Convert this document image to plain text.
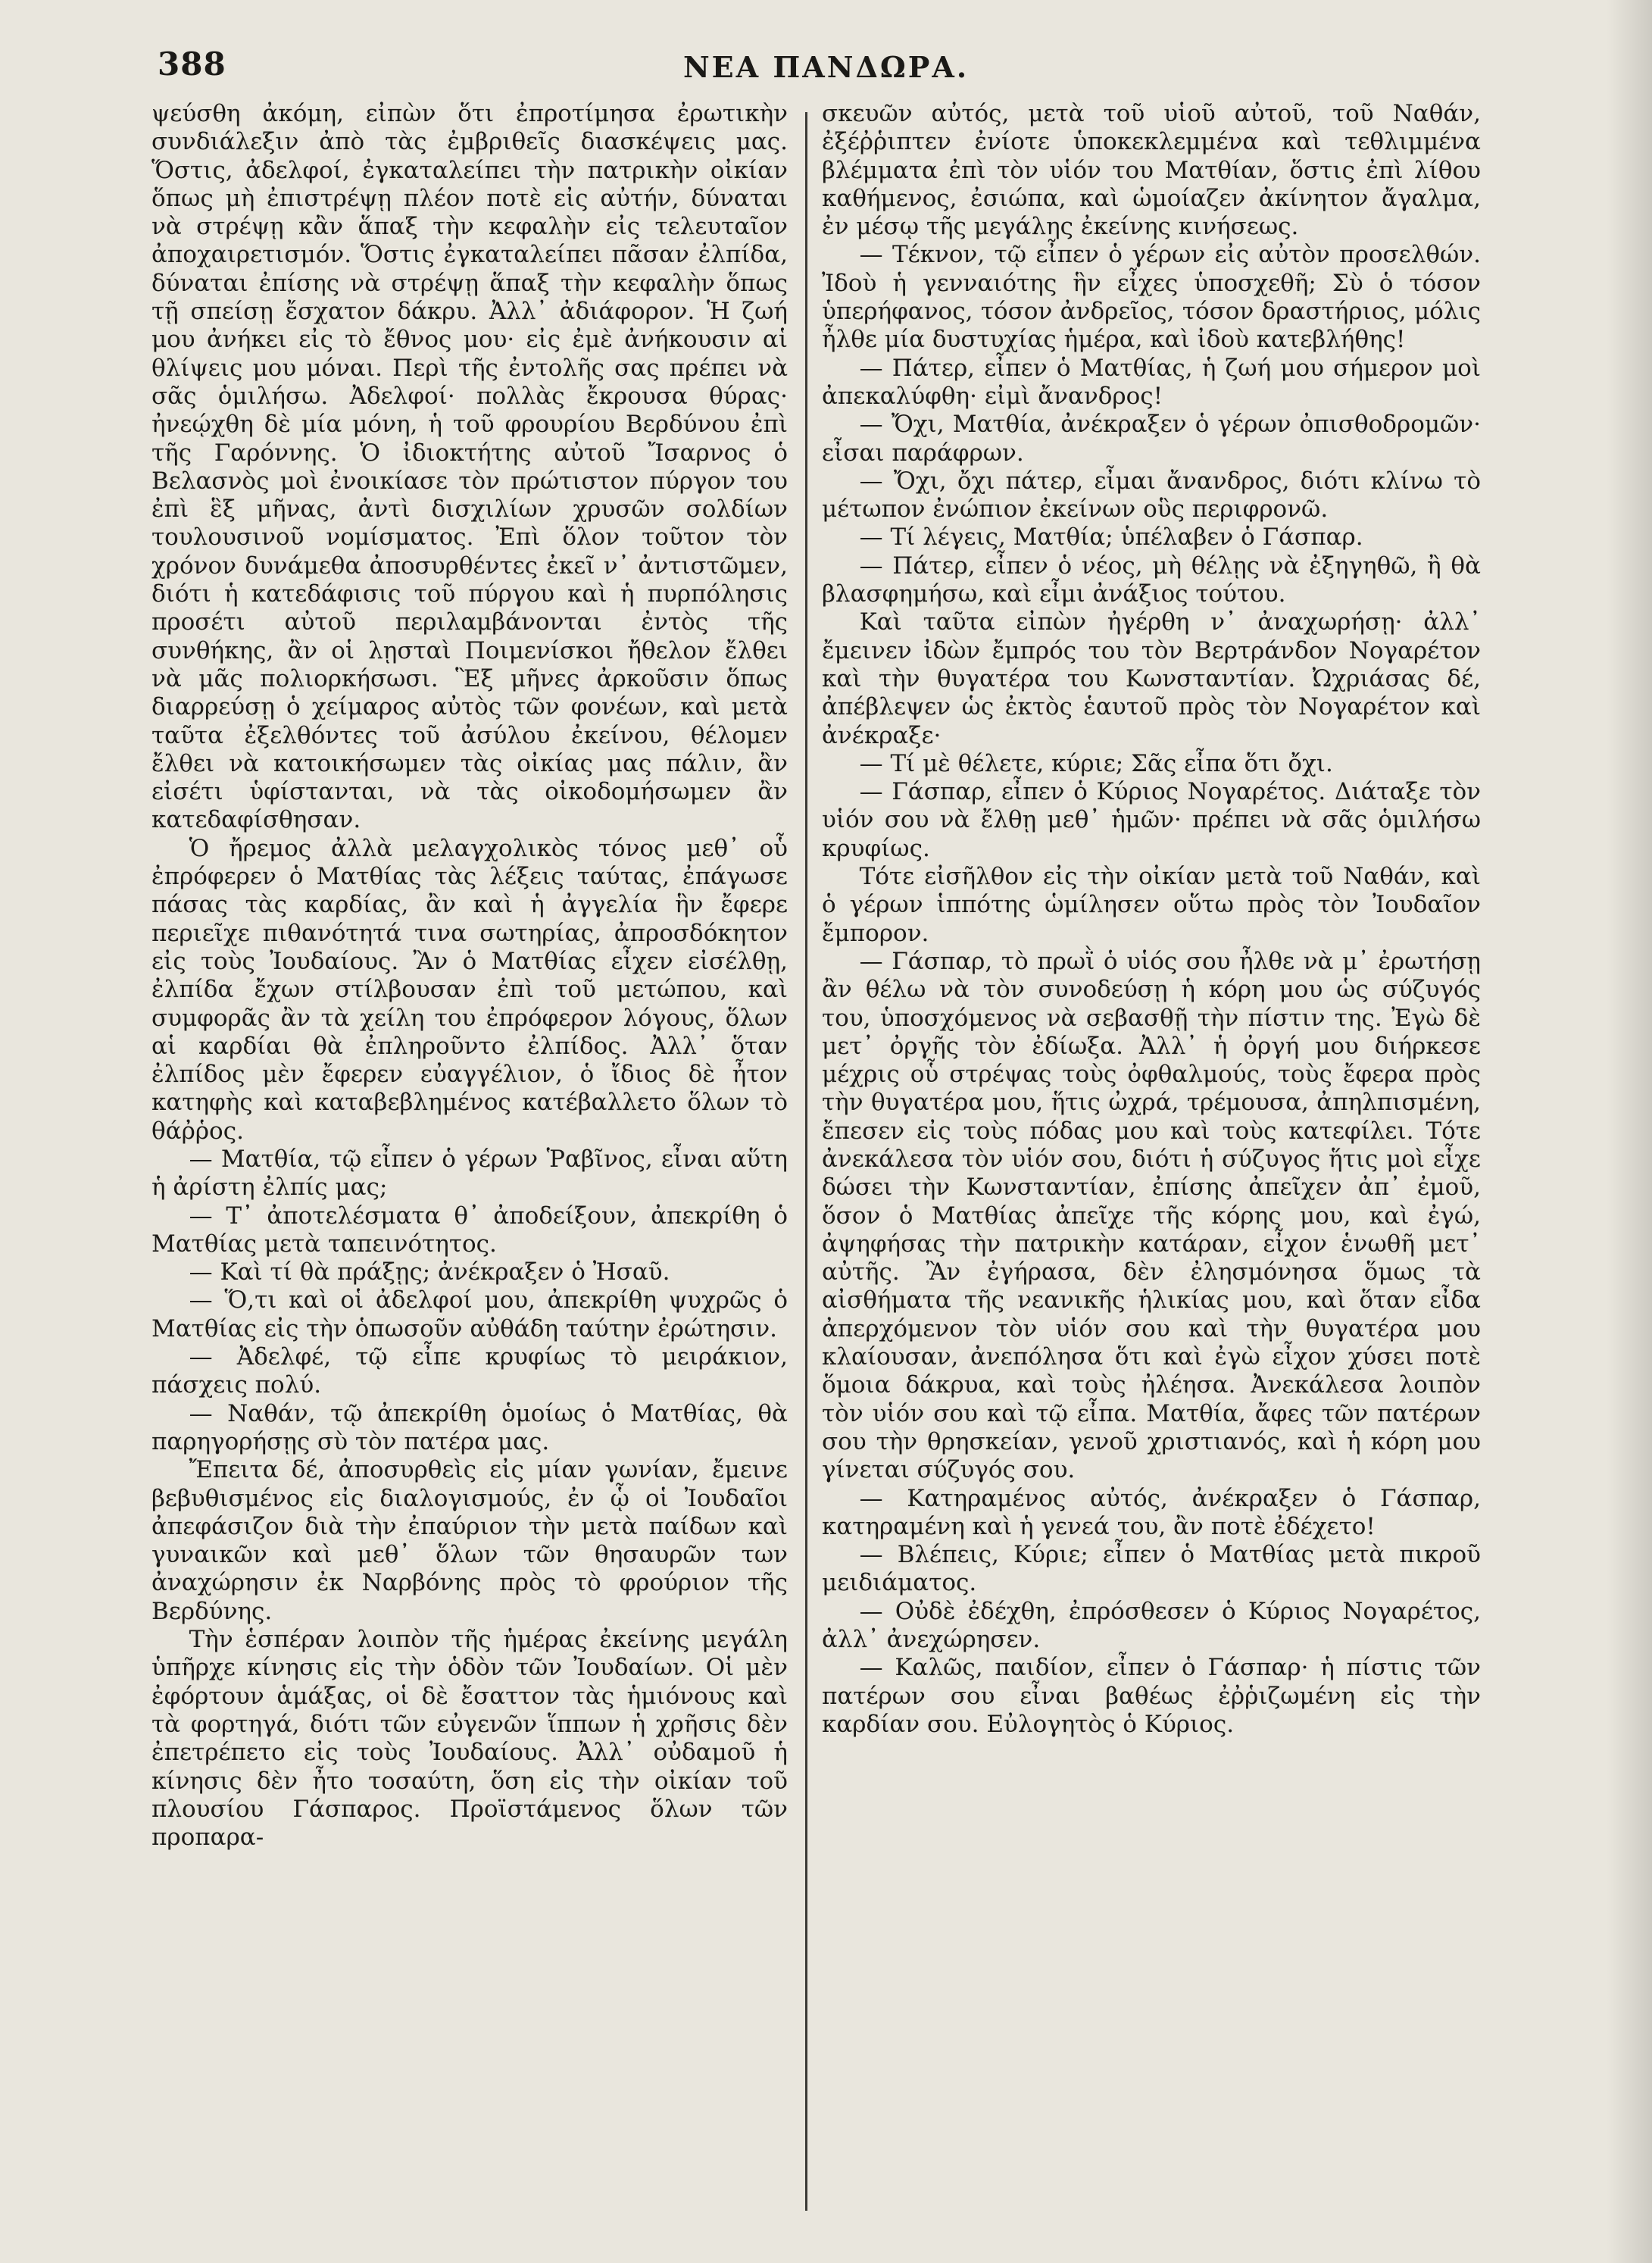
388	ΝΕΑ ΠΑΝΔΩΡΑ.

ψεύσθη ἀκόμη, εἰπὼν ὅτι ἐπροτίμησα ἐρωτικὴν συνδιάλεξιν ἀπὸ τὰς ἐμβριθεῖς διασκέψεις μας. Ὅστις, ἀδελφοί, ἐγκαταλείπει τὴν πατρικὴν οἰκίαν ὅπως μὴ ἐπιστρέψῃ πλέον ποτὲ εἰς αὐτήν, δύναται νὰ στρέψῃ κἂν ἅπαξ τὴν κεφαλὴν εἰς τελευταῖον ἀποχαιρετισμόν. Ὅστις ἐγκαταλείπει πᾶσαν ἐλπίδα, δύναται ἐπίσης νὰ στρέψῃ ἅπαξ τὴν κεφαλὴν ὅπως τῇ σπείσῃ ἔσχατον δάκρυ. Ἀλλ᾽ ἀδιάφορον. Ἡ ζωή μου ἀνήκει εἰς τὸ ἔθνος μου· εἰς ἐμὲ ἀνήκουσιν αἱ θλίψεις μου μόναι. Περὶ τῆς ἐντολῆς σας πρέπει νὰ σᾶς ὁμιλήσω. Ἀδελφοί· πολλὰς ἔκρουσα θύρας· ἠνεῴχθη δὲ μία μόνη, ἡ τοῦ φρουρίου Βερδύνου ἐπὶ τῆς Γαρόννης. Ὁ ἰδιοκτήτης αὐτοῦ Ἴσαρνος ὁ Βελασνὸς μοὶ ἐνοικίασε τὸν πρώτιστον πύργον του ἐπὶ ἓξ μῆνας, ἀντὶ δισχιλίων χρυσῶν σολδίων τουλουσινοῦ νομίσματος. Ἐπὶ ὅλον τοῦτον τὸν χρόνον δυνάμεθα ἀποσυρθέντες ἐκεῖ ν᾽ ἀντιστῶμεν, διότι ἡ κατεδάφισις τοῦ πύργου καὶ ἡ πυρπόλησις προσέτι αὐτοῦ περιλαμβάνονται ἐντὸς τῆς συνθήκης, ἂν οἱ λῃσταὶ Ποιμενίσκοι ἤθελον ἔλθει νὰ μᾶς πολιορκήσωσι. Ἓξ μῆνες ἀρκοῦσιν ὅπως διαρρεύσῃ ὁ χείμαρος αὐτὸς τῶν φονέων, καὶ μετὰ ταῦτα ἐξελθόντες τοῦ ἀσύλου ἐκείνου, θέλομεν ἔλθει νὰ κατοικήσωμεν τὰς οἰκίας μας πάλιν, ἂν εἰσέτι ὑφίστανται, νὰ τὰς οἰκοδομήσωμεν ἂν κατεδαφίσθησαν.

Ὁ ἤρεμος ἀλλὰ μελαγχολικὸς τόνος μεθ᾽ οὗ ἐπρόφερεν ὁ Ματθίας τὰς λέξεις ταύτας, ἐπάγωσε πάσας τὰς καρδίας, ἂν καὶ ἡ ἀγγελία ἣν ἔφερε περιεῖχε πιθανότητά τινα σωτηρίας, ἀπροσδόκητον εἰς τοὺς Ἰουδαίους. Ἂν ὁ Ματθίας εἶχεν εἰσέλθῃ, ἐλπίδα ἔχων στίλβουσαν ἐπὶ τοῦ μετώπου, καὶ συμφορᾶς ἂν τὰ χείλη του ἐπρόφερον λόγους, ὅλων αἱ καρδίαι θὰ ἐπληροῦντο ἐλπίδος. Ἀλλ᾽ ὅταν ἐλπίδος μὲν ἔφερεν εὐαγγέλιον, ὁ ἴδιος δὲ ἦτον κατηφὴς καὶ καταβεβλημένος κατέβαλλετο ὅλων τὸ θάῤῥος.

— Ματθία, τῷ εἶπεν ὁ γέρων Ῥαβῖνος, εἶναι αὕτη ἡ ἀρίστη ἐλπίς μας;

— Τ᾽ ἀποτελέσματα θ᾽ ἀποδείξουν, ἀπεκρίθη ὁ Ματθίας μετὰ ταπεινότητος.

— Καὶ τί θὰ πράξῃς; ἀνέκραξεν ὁ Ἠσαῦ.

— Ὅ,τι καὶ οἱ ἀδελφοί μου, ἀπεκρίθη ψυχρῶς ὁ Ματθίας εἰς τὴν ὁπωσοῦν αὐθάδη ταύτην ἐρώτησιν.

— Ἀδελφέ, τῷ εἶπε κρυφίως τὸ μειράκιον, πάσχεις πολύ.

— Ναθάν, τῷ ἀπεκρίθη ὁμοίως ὁ Ματθίας, θὰ παρηγορήσῃς σὺ τὸν πατέρα μας.

Ἔπειτα δέ, ἀποσυρθεὶς εἰς μίαν γωνίαν, ἔμεινε βεβυθισμένος εἰς διαλογισμούς, ἐν ᾧ οἱ Ἰουδαῖοι ἀπεφάσιζον διὰ τὴν ἐπαύριον τὴν μετὰ παίδων καὶ γυναικῶν καὶ μεθ᾽ ὅλων τῶν θησαυρῶν των ἀναχώρησιν ἐκ Ναρβόνης πρὸς τὸ φρούριον τῆς Βερδύνης.

Τὴν ἑσπέραν λοιπὸν τῆς ἡμέρας ἐκείνης μεγάλη ὑπῆρχε κίνησις εἰς τὴν ὁδὸν τῶν Ἰουδαίων. Οἱ μὲν ἐφόρτουν ἁμάξας, οἱ δὲ ἔσαττον τὰς ἡμιόνους καὶ τὰ φορτηγά, διότι τῶν εὐγενῶν ἵππων ἡ χρῆσις δὲν ἐπετρέπετο εἰς τοὺς Ἰουδαίους. Ἀλλ᾽ οὐδαμοῦ ἡ κίνησις δὲν ἦτο τοσαύτη, ὅση εἰς τὴν οἰκίαν τοῦ πλουσίου Γάσπαρος. Προϊστάμενος ὅλων τῶν προπαρα-

σκευῶν αὐτός, μετὰ τοῦ υἱοῦ αὐτοῦ, τοῦ Ναθάν, ἐξέῤῥιπτεν ἐνίοτε ὑποκεκλεμμένα καὶ τεθλιμμένα βλέμματα ἐπὶ τὸν υἱόν του Ματθίαν, ὅστις ἐπὶ λίθου καθήμενος, ἐσιώπα, καὶ ὡμοίαζεν ἀκίνητον ἄγαλμα, ἐν μέσῳ τῆς μεγάλης ἐκείνης κινήσεως.

— Τέκνον, τῷ εἶπεν ὁ γέρων εἰς αὐτὸν προσελθών. Ἰδοὺ ἡ γενναιότης ἣν εἶχες ὑποσχεθῆ; Σὺ ὁ τόσον ὑπερήφανος, τόσον ἀνδρεῖος, τόσον δραστήριος, μόλις ἦλθε μία δυστυχίας ἡμέρα, καὶ ἰδοὺ κατεβλήθης!

— Πάτερ, εἶπεν ὁ Ματθίας, ἡ ζωή μου σήμερον μοὶ ἀπεκαλύφθη· εἰμὶ ἄνανδρος!

— Ὄχι, Ματθία, ἀνέκραξεν ὁ γέρων ὀπισθοδρομῶν· εἶσαι παράφρων.

— Ὄχι, ὄχι πάτερ, εἶμαι ἄνανδρος, διότι κλίνω τὸ μέτωπον ἐνώπιον ἐκείνων οὓς περιφρονῶ.

— Τί λέγεις, Ματθία; ὑπέλαβεν ὁ Γάσπαρ.

— Πάτερ, εἶπεν ὁ νέος, μὴ θέλῃς νὰ ἐξηγηθῶ, ἢ θὰ βλασφημήσω, καὶ εἶμι ἀνάξιος τούτου.

Καὶ ταῦτα εἰπὼν ἠγέρθη ν᾽ ἀναχωρήσῃ· ἀλλ᾽ ἔμεινεν ἰδὼν ἔμπρός του τὸν Βερτράνδον Νογαρέτον καὶ τὴν θυγατέρα του Κωνσταντίαν. Ὠχριάσας δέ, ἀπέβλεψεν ὡς ἐκτὸς ἑαυτοῦ πρὸς τὸν Νογαρέτον καὶ ἀνέκραξε·

— Τί μὲ θέλετε, κύριε; Σᾶς εἶπα ὅτι ὄχι.

— Γάσπαρ, εἶπεν ὁ Κύριος Νογαρέτος. Διάταξε τὸν υἱόν σου νὰ ἔλθῃ μεθ᾽ ἡμῶν· πρέπει νὰ σᾶς ὁμιλήσω κρυφίως.

Τότε εἰσῆλθον εἰς τὴν οἰκίαν μετὰ τοῦ Ναθάν, καὶ ὁ γέρων ἱππότης ὡμίλησεν οὕτω πρὸς τὸν Ἰουδαῖον ἔμπορον.

— Γάσπαρ, τὸ πρωῒ ὁ υἱός σου ἦλθε νὰ μ᾽ ἐρωτήσῃ ἂν θέλω νὰ τὸν συνοδεύσῃ ἡ κόρη μου ὡς σύζυγός του, ὑποσχόμενος νὰ σεβασθῇ τὴν πίστιν της. Ἐγὼ δὲ μετ᾽ ὀργῆς τὸν ἐδίωξα. Ἀλλ᾽ ἡ ὀργή μου διήρκεσε μέχρις οὗ στρέψας τοὺς ὀφθαλμούς, τοὺς ἔφερα πρὸς τὴν θυγατέρα μου, ἥτις ὠχρά, τρέμουσα, ἀπηλπισμένη, ἔπεσεν εἰς τοὺς πόδας μου καὶ τοὺς κατεφίλει. Τότε ἀνεκάλεσα τὸν υἱόν σου, διότι ἡ σύζυγος ἥτις μοὶ εἶχε δώσει τὴν Κωνσταντίαν, ἐπίσης ἀπεῖχεν ἀπ᾽ ἐμοῦ, ὅσον ὁ Ματθίας ἀπεῖχε τῆς κόρης μου, καὶ ἐγώ, ἀψηφήσας τὴν πατρικὴν κατάραν, εἶχον ἑνωθῆ μετ᾽ αὐτῆς. Ἂν ἐγήρασα, δὲν ἐλησμόνησα ὅμως τὰ αἰσθήματα τῆς νεανικῆς ἡλικίας μου, καὶ ὅταν εἶδα ἀπερχόμενον τὸν υἱόν σου καὶ τὴν θυγατέρα μου κλαίουσαν, ἀνεπόλησα ὅτι καὶ ἐγὼ εἶχον χύσει ποτὲ ὅμοια δάκρυα, καὶ τοὺς ἠλέησα. Ἀνεκάλεσα λοιπὸν τὸν υἱόν σου καὶ τῷ εἶπα. Ματθία, ἄφες τῶν πατέρων σου τὴν θρησκείαν, γενοῦ χριστιανός, καὶ ἡ κόρη μου γίνεται σύζυγός σου.

— Κατηραμένος αὐτός, ἀνέκραξεν ὁ Γάσπαρ, κατηραμένη καὶ ἡ γενεά του, ἂν ποτὲ ἐδέχετο!

— Βλέπεις, Κύριε; εἶπεν ὁ Ματθίας μετὰ πικροῦ μειδιάματος.

— Οὐδὲ ἐδέχθη, ἐπρόσθεσεν ὁ Κύριος Νογαρέτος, ἀλλ᾽ ἀνεχώρησεν.

— Καλῶς, παιδίον, εἶπεν ὁ Γάσπαρ· ἡ πίστις τῶν πατέρων σου εἶναι βαθέως ἐῤῥιζωμένη εἰς τὴν καρδίαν σου. Εὐλογητὸς ὁ Κύριος.
